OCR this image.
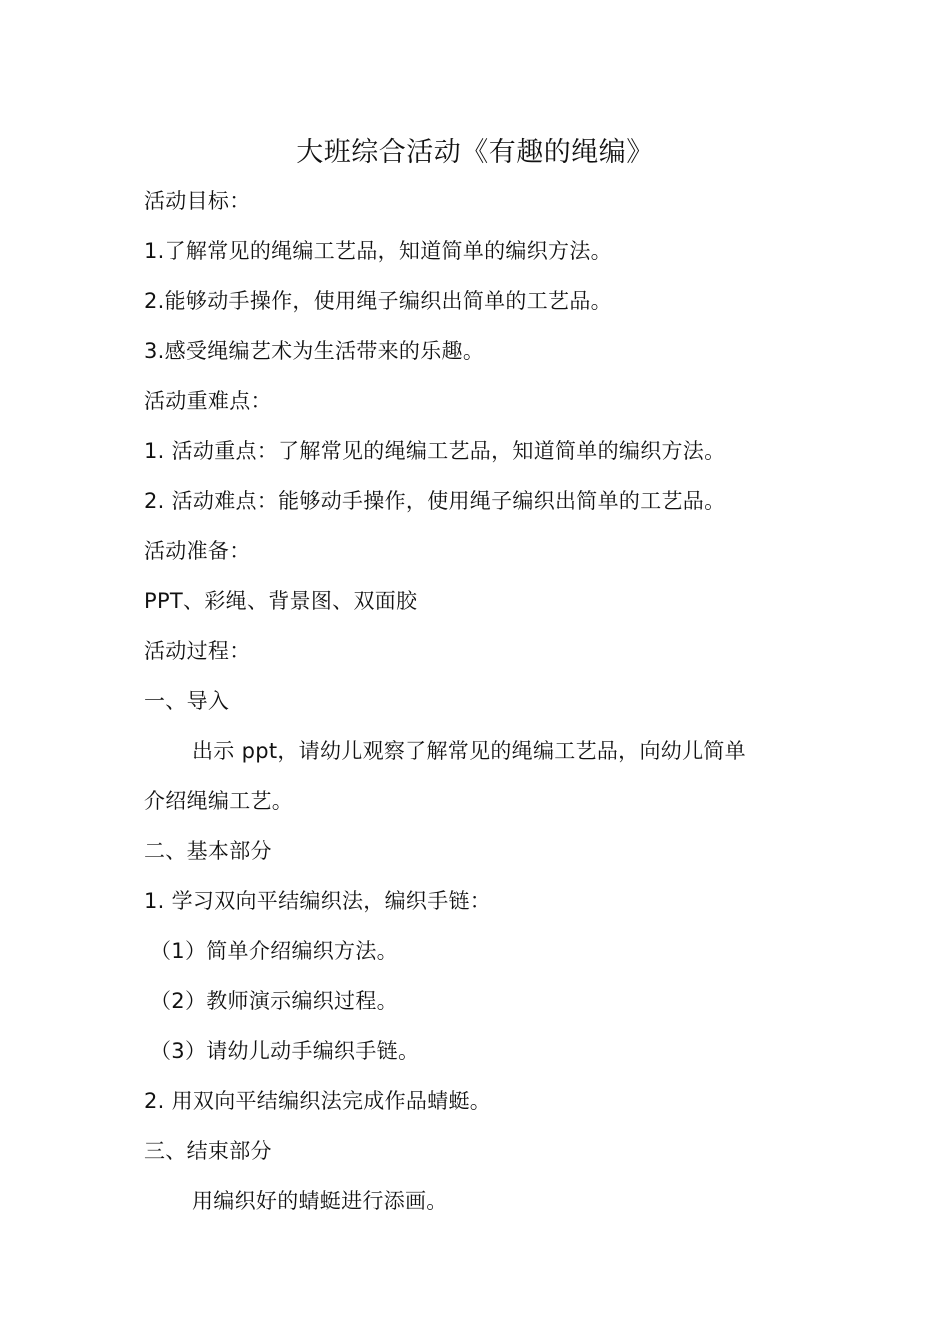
大班综合活动《有趣的绳编》
活动目标：
1.了解常见的绳编工艺品，知道简单的编织方法。
2.能够动手操作，使用绳子编织出简单的工艺品。
3.感受绳编艺术为生活带来的乐趣。
活动重难点：
1. 活动重点：了解常见的绳编工艺品，知道简单的编织方法。
2. 活动难点：能够动手操作，使用绳子编织出简单的工艺品。
活动准备：
PPT、彩绳、背景图、双面胶
活动过程：
一、导入
出示 ppt，请幼儿观察了解常见的绳编工艺品，向幼儿简单
介绍绳编工艺。
二、基本部分
1. 学习双向平结编织法，编织手链：
（1）简单介绍编织方法。
（2）教师演示编织过程。
（3）请幼儿动手编织手链。
2. 用双向平结编织法完成作品蜻蜓。
三、结束部分
用编织好的蜻蜓进行添画。
